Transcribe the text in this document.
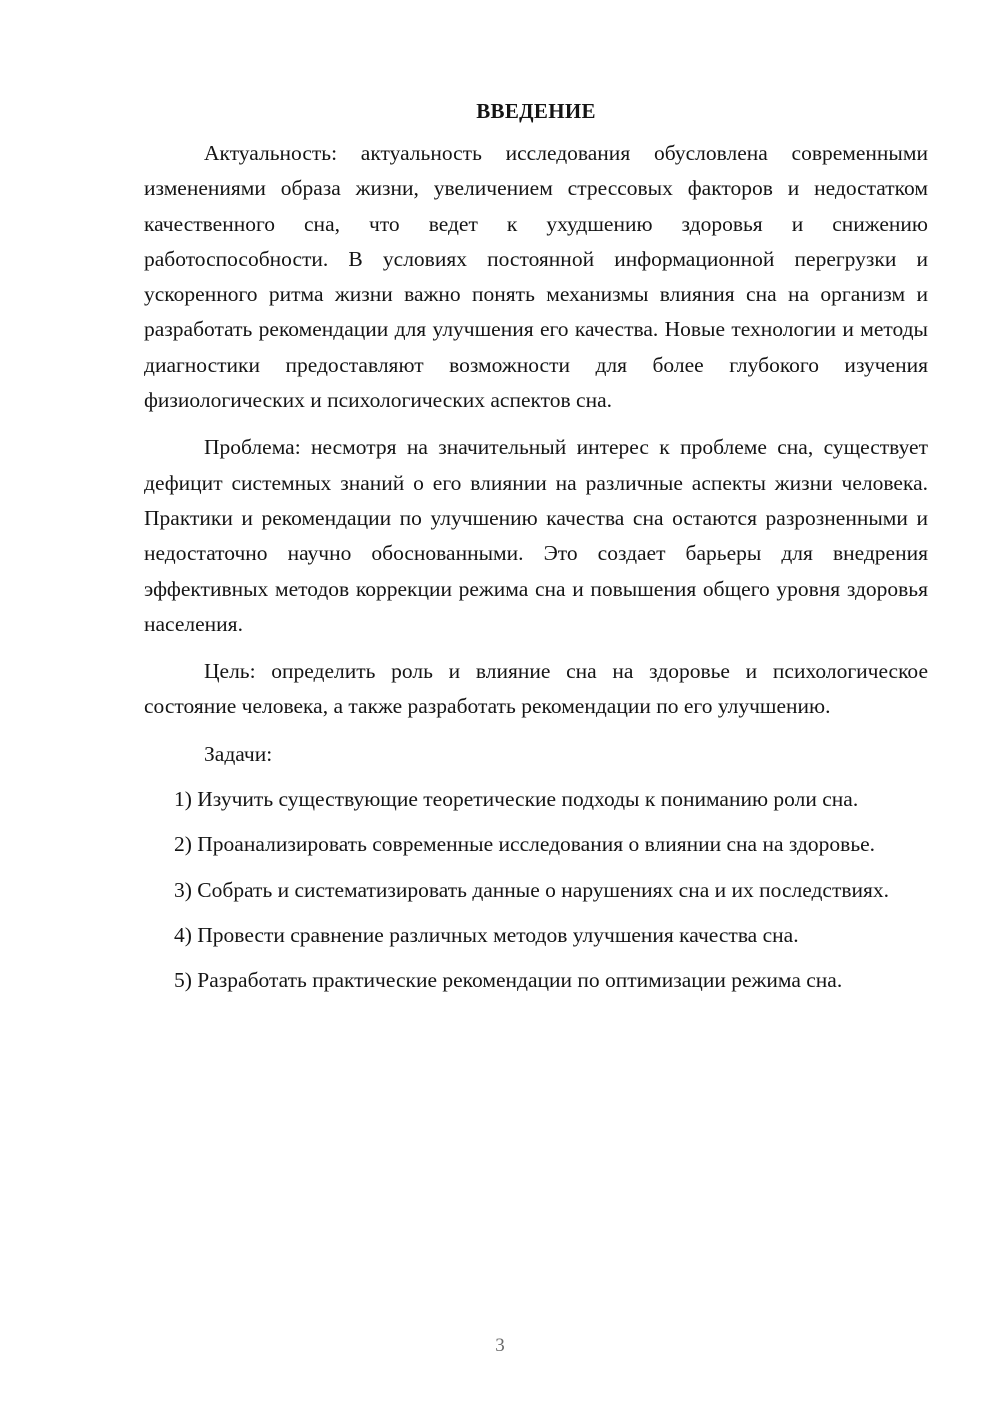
ВВЕДЕНИЕ

Актуальность: актуальность исследования обусловлена современными изменениями образа жизни, увеличением стрессовых факторов и недостатком качественного сна, что ведет к ухудшению здоровья и снижению работоспособности. В условиях постоянной информационной перегрузки и ускоренного ритма жизни важно понять механизмы влияния сна на организм и разработать рекомендации для улучшения его качества. Новые технологии и методы диагностики предоставляют возможности для более глубокого изучения физиологических и психологических аспектов сна.

Проблема: несмотря на значительный интерес к проблеме сна, существует дефицит системных знаний о его влиянии на различные аспекты жизни человека. Практики и рекомендации по улучшению качества сна остаются разрозненными и недостаточно научно обоснованными. Это создает барьеры для внедрения эффективных методов коррекции режима сна и повышения общего уровня здоровья населения.

Цель: определить роль и влияние сна на здоровье и психологическое состояние человека, а также разработать рекомендации по его улучшению.

Задачи:

1) Изучить существующие теоретические подходы к пониманию роли сна.

2) Проанализировать современные исследования о влиянии сна на здоровье.

3) Собрать и систематизировать данные о нарушениях сна и их последствиях.

4) Провести сравнение различных методов улучшения качества сна.

5) Разработать практические рекомендации по оптимизации режима сна.

3
